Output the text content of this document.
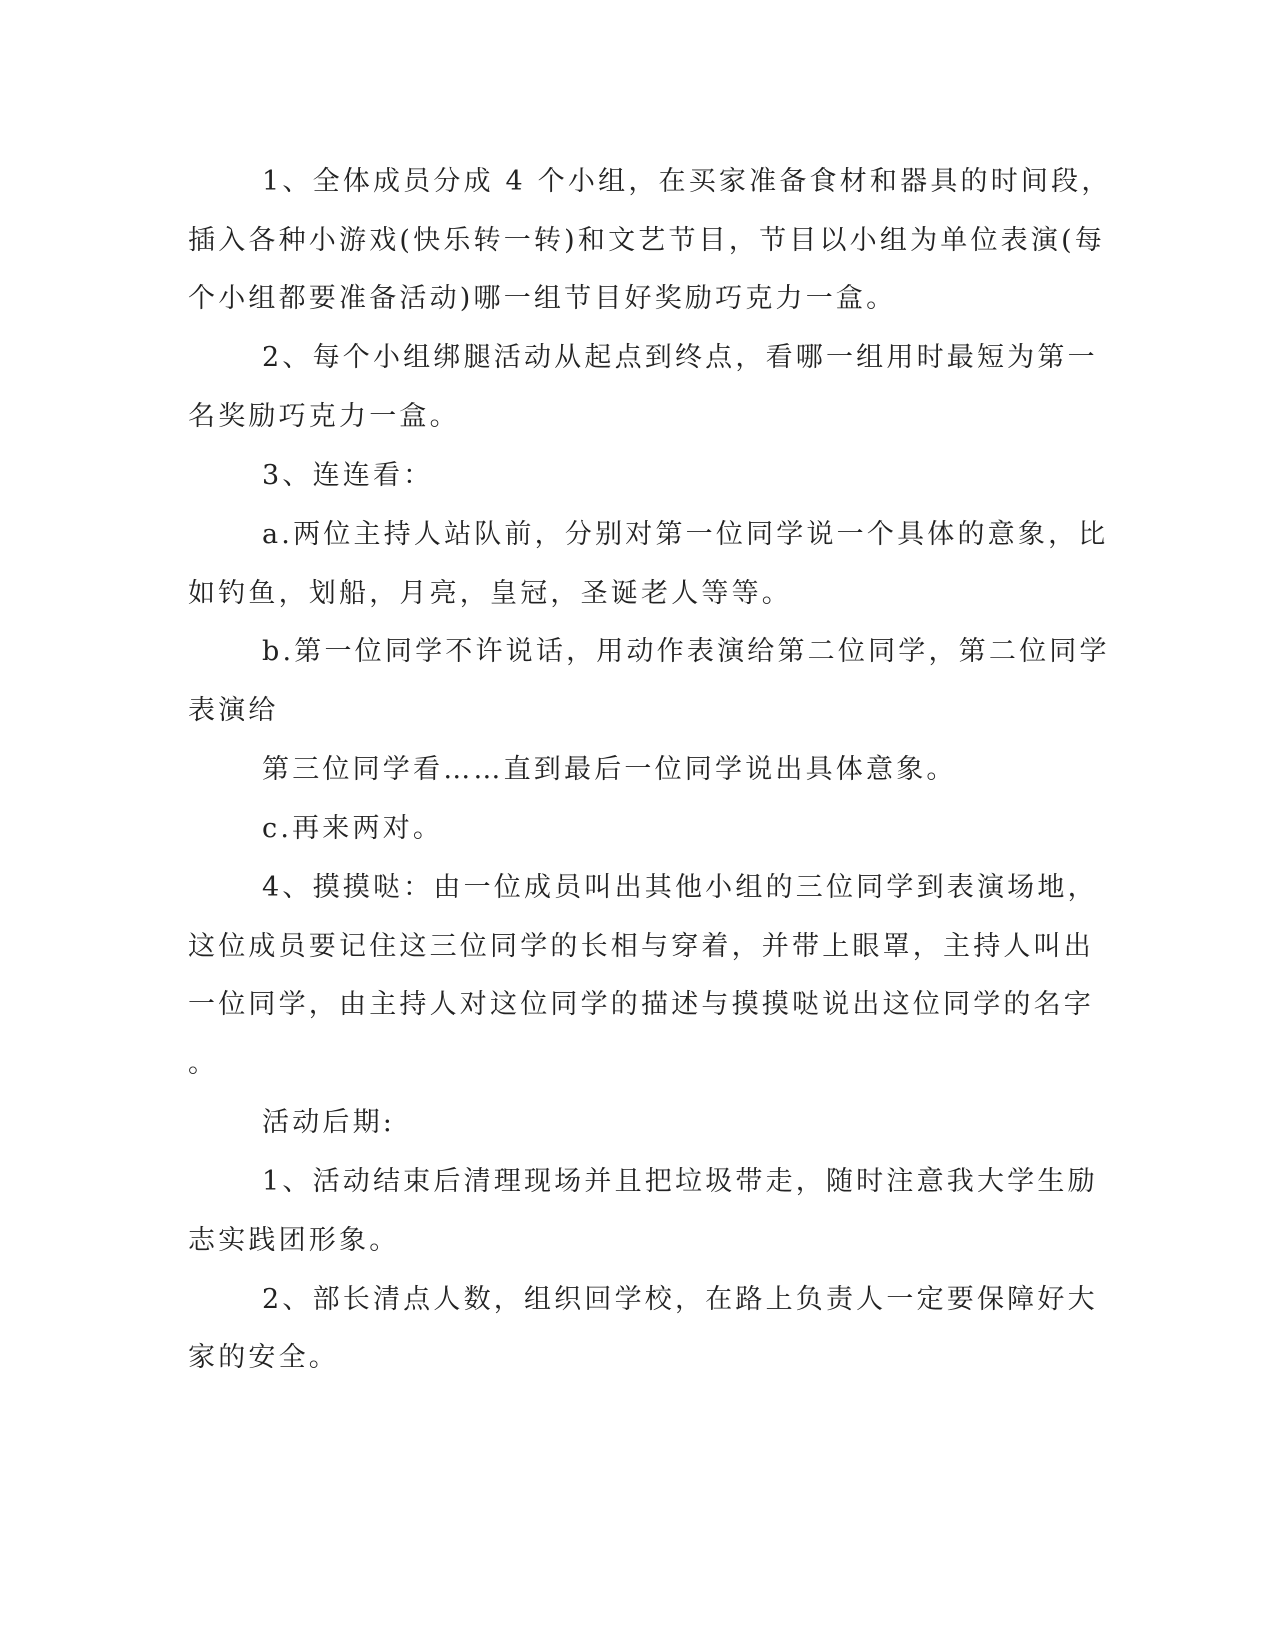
1、全体成员分成 4 个小组，在买家准备食材和器具的时间段，
插入各种小游戏(快乐转一转)和文艺节目，节目以小组为单位表演(每
个小组都要准备活动)哪一组节目好奖励巧克力一盒。
2、每个小组绑腿活动从起点到终点，看哪一组用时最短为第一
名奖励巧克力一盒。
3、连连看：
a.两位主持人站队前，分别对第一位同学说一个具体的意象，比
如钓鱼，划船，月亮，皇冠，圣诞老人等等。
b.第一位同学不许说话，用动作表演给第二位同学，第二位同学
表演给
第三位同学看……直到最后一位同学说出具体意象。
c.再来两对。
4、摸摸哒：由一位成员叫出其他小组的三位同学到表演场地，
这位成员要记住这三位同学的长相与穿着，并带上眼罩，主持人叫出
一位同学，由主持人对这位同学的描述与摸摸哒说出这位同学的名字
。
活动后期:
1、活动结束后清理现场并且把垃圾带走，随时注意我大学生励
志实践团形象。
2、部长清点人数，组织回学校，在路上负责人一定要保障好大
家的安全。
